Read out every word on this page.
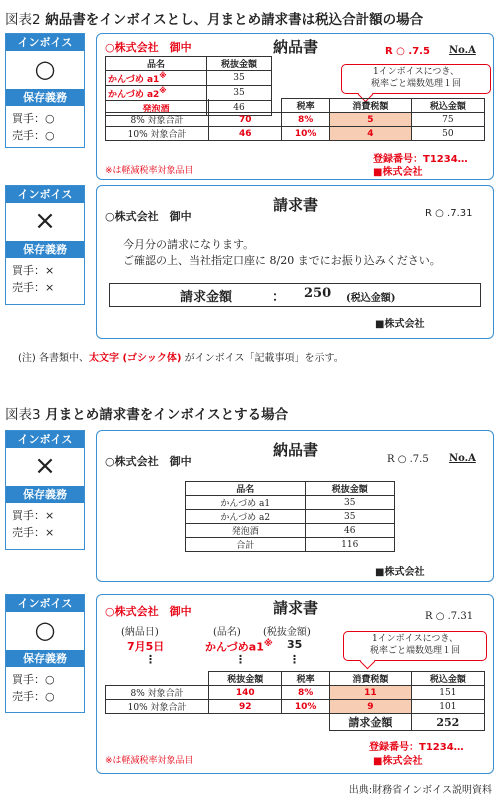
図表2 納品書をインボイスとし、月まとめ請求書は税込合計額の場合
インボイス
○
保存義務
買手：○
売手：○
○株式会社　御中	納品書	R ○ .7.5 No.A
品名	税抜金額
かんづめ a1※	35
かんづめ a2※	35
発泡酒	46
1インボイスにつき、
税率ごと端数処理１回
		税率	消費税額	税込金額
8% 対象合計	70	8%	5	75
10% 対象合計	46	10%	4	50
※は軽減税率対象品目
登録番号：T1234…
■株式会社
インボイス
×
保存義務
買手：×
売手：×
○株式会社　御中
請求書	R ○ .7.31
今月分の請求になります。
ご確認の上、当社指定口座に 8/20 までにお振り込みください。
請求金額	： 250 (税込金額)
■株式会社
(注) 各書類中、太文字 (ゴシック体) がインボイス「記載事項」を示す。
図表3 月まとめ請求書をインボイスとする場合
インボイス
×
保存義務
買手：×
売手：×
○株式会社　御中
納品書
R ○ .7.5 No.A
品名	税抜金額
かんづめ a1	35
かんづめ a2	35
発泡酒	46
合計	116
■株式会社
インボイス
○
保存義務
買手：○
売手：○
○株式会社　御中	請求書	R ○ .7.31
(納品日)	(品名) (税抜金額)
7月5日	かんづめa1※ 35
⋮	⋮	⋮
1インボイスにつき、
税率ごと端数処理１回
	税抜金額	税率	消費税額	税込金額
8% 対象合計	140	8%	11	151
10% 対象合計	92	10%	9	101
			請求金額	252
登録番号：T1234…
※は軽減税率対象品目	■株式会社
出典:財務省インボイス説明資料
